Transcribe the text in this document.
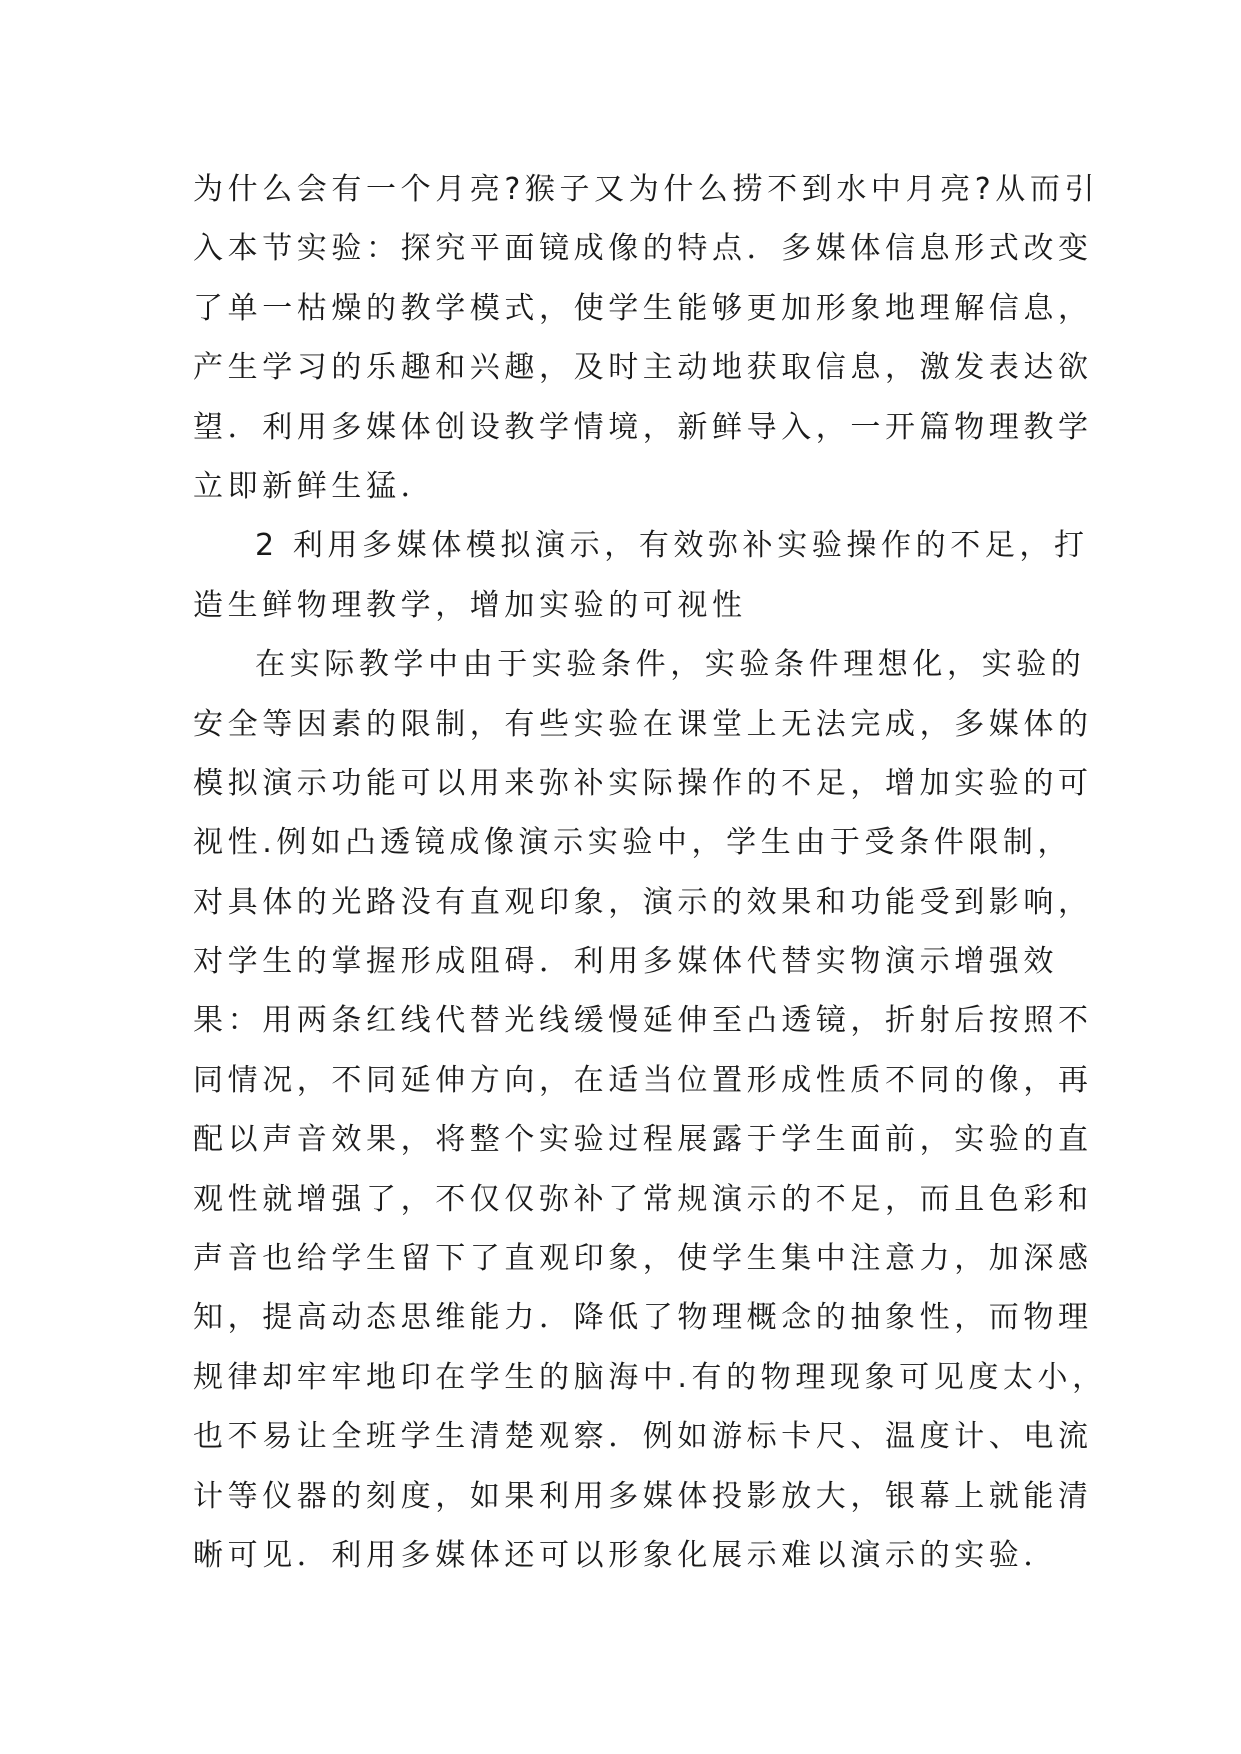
为什么会有一个月亮?猴子又为什么捞不到水中月亮?从而引
入本节实验：探究平面镜成像的特点．多媒体信息形式改变
了单一枯燥的教学模式，使学生能够更加形象地理解信息，
产生学习的乐趣和兴趣，及时主动地获取信息，激发表达欲
望．利用多媒体创设教学情境，新鲜导入，一开篇物理教学
立即新鲜生猛．
2 利用多媒体模拟演示，有效弥补实验操作的不足，打
造生鲜物理教学，增加实验的可视性
在实际教学中由于实验条件，实验条件理想化，实验的
安全等因素的限制，有些实验在课堂上无法完成，多媒体的
模拟演示功能可以用来弥补实际操作的不足，增加实验的可
视性.例如凸透镜成像演示实验中，学生由于受条件限制，
对具体的光路没有直观印象，演示的效果和功能受到影响，
对学生的掌握形成阻碍．利用多媒体代替实物演示增强效
果：用两条红线代替光线缓慢延伸至凸透镜，折射后按照不
同情况，不同延伸方向，在适当位置形成性质不同的像，再
配以声音效果，将整个实验过程展露于学生面前，实验的直
观性就增强了，不仅仅弥补了常规演示的不足，而且色彩和
声音也给学生留下了直观印象，使学生集中注意力，加深感
知，提高动态思维能力．降低了物理概念的抽象性，而物理
规律却牢牢地印在学生的脑海中.有的物理现象可见度太小，
也不易让全班学生清楚观察．例如游标卡尺、温度计、电流
计等仪器的刻度，如果利用多媒体投影放大，银幕上就能清
晰可见．利用多媒体还可以形象化展示难以演示的实验．
